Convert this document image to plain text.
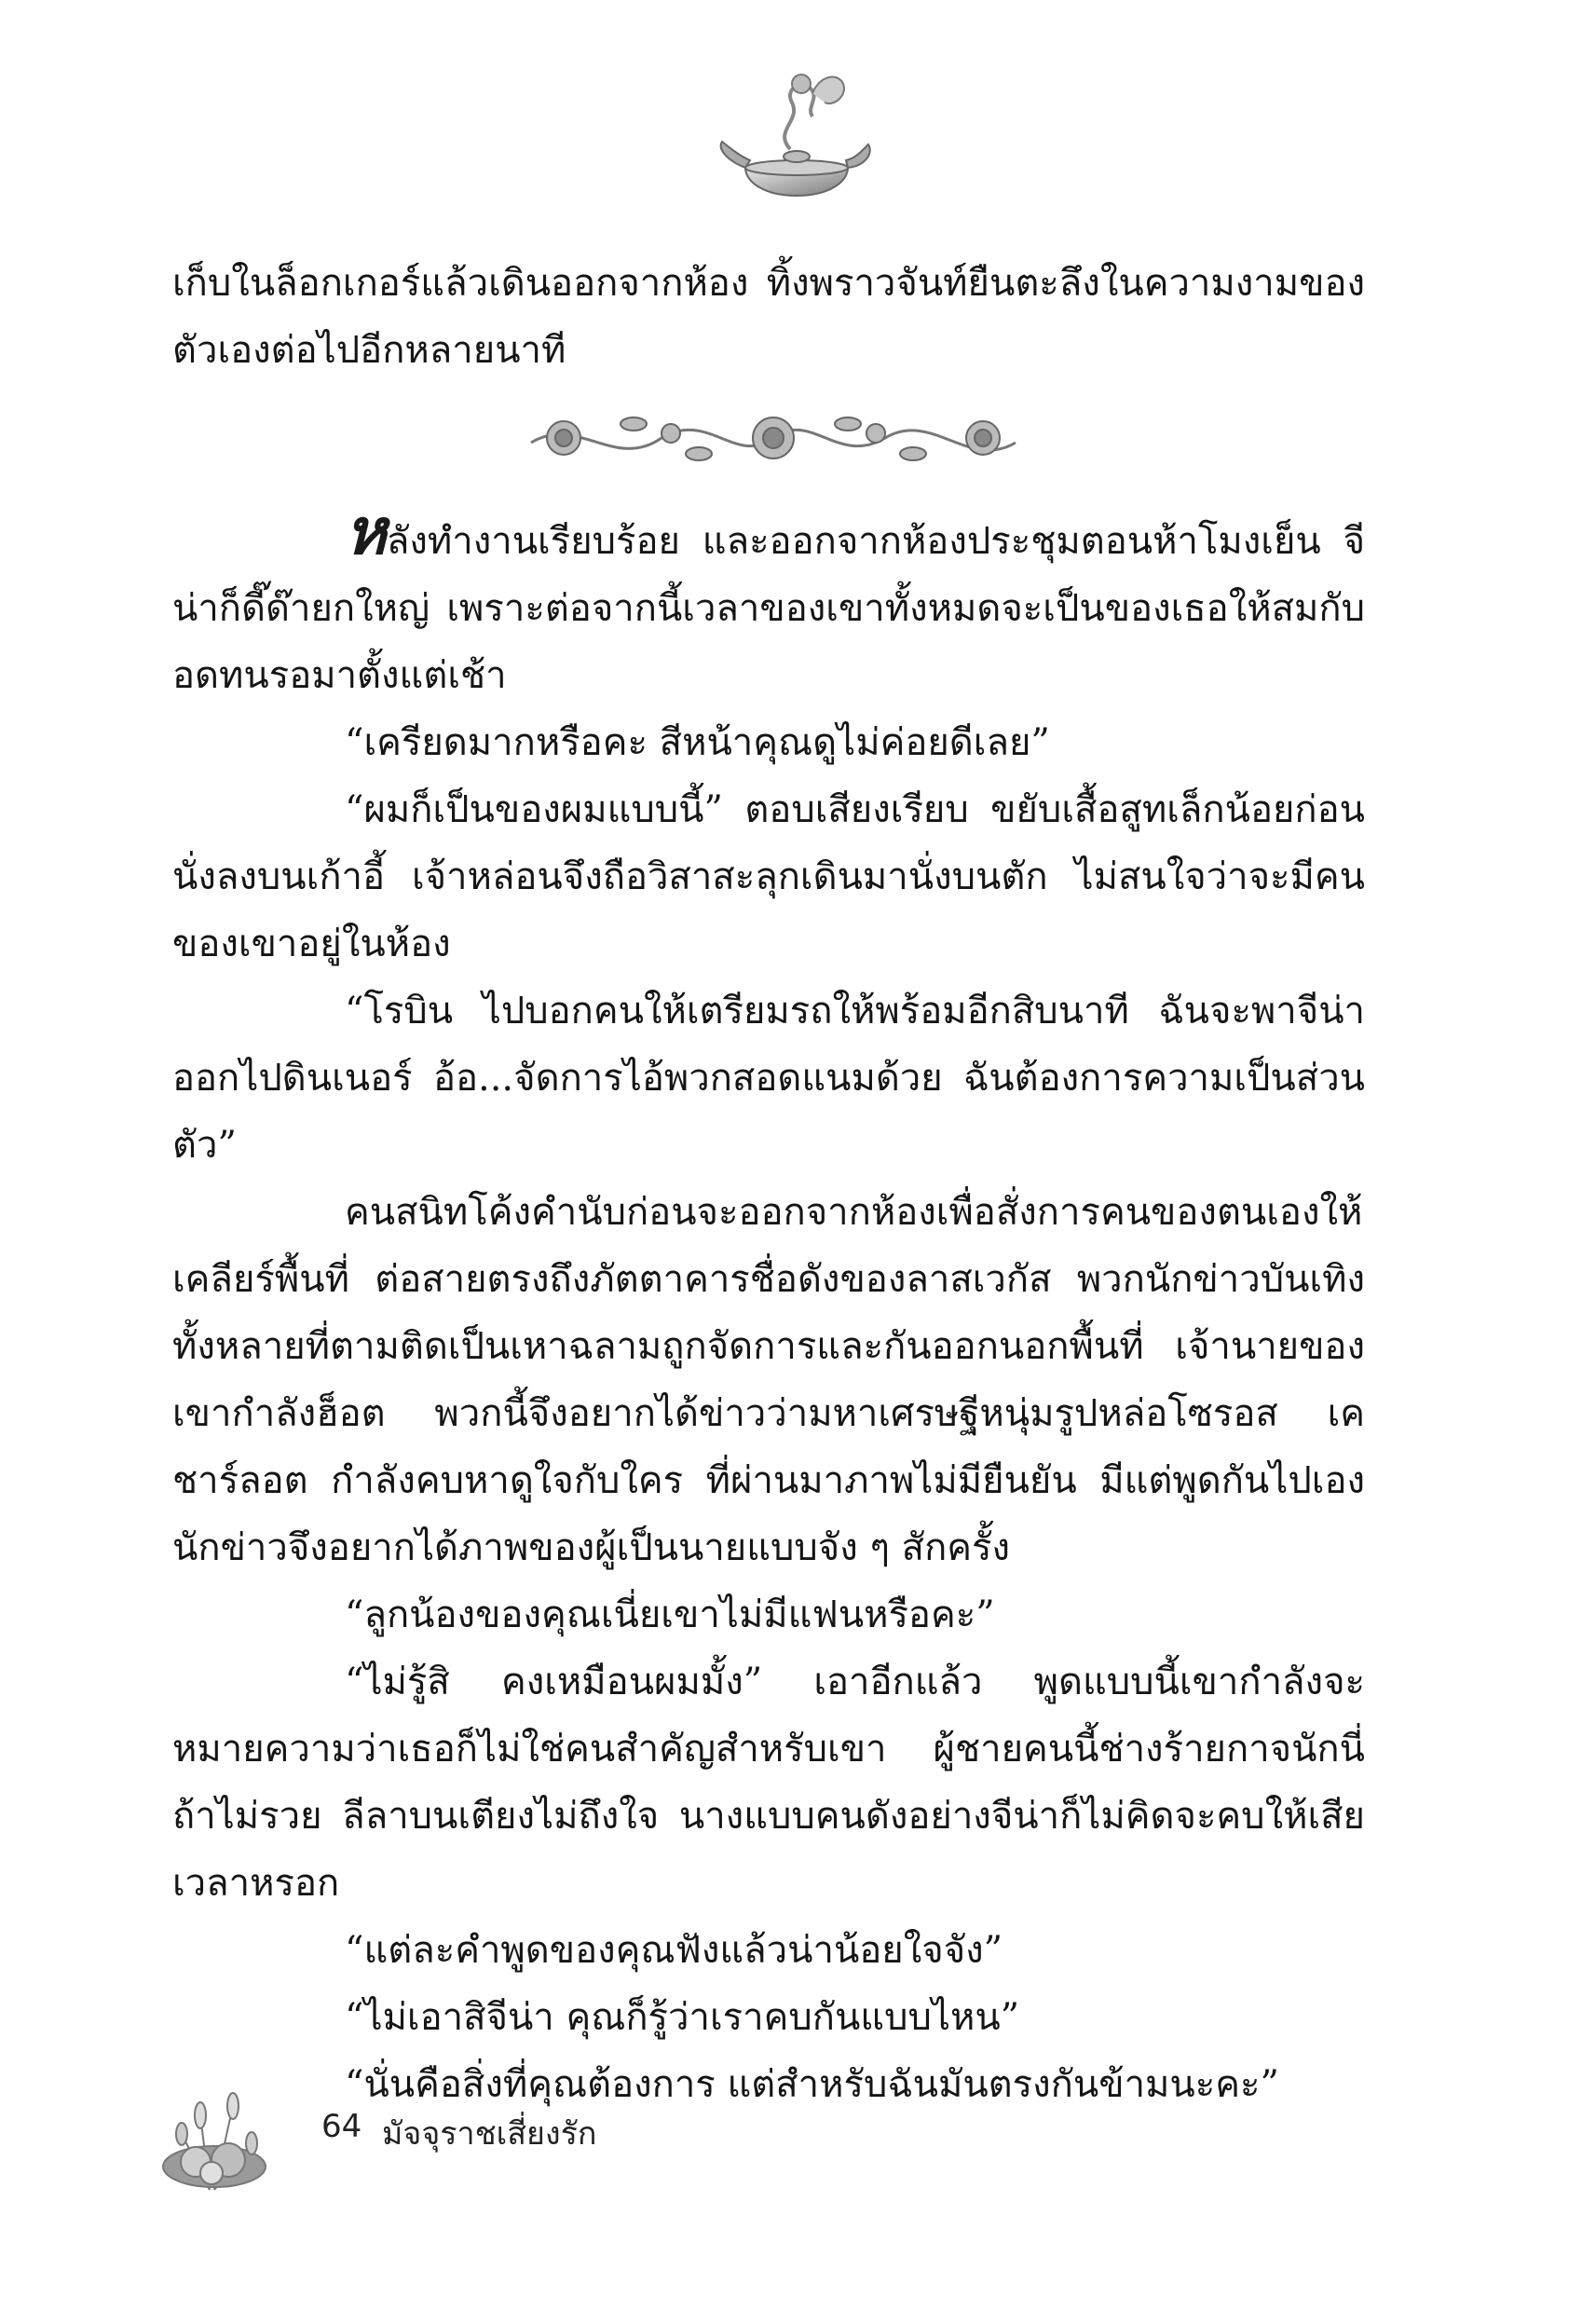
เก็บในล็อกเกอร์แล้วเดินออกจากห้อง ทิ้งพราวจันท์ยืนตะลึงในความงามของตัวเองต่อไปอีกหลายนาที

หลังทำงานเรียบร้อย และออกจากห้องประชุมตอนห้าโมงเย็น จีน่าก็ดี๊ด๊ายกใหญ่ เพราะต่อจากนี้เวลาของเขาทั้งหมดจะเป็นของเธอให้สมกับอดทนรอมาตั้งแต่เช้า

“เครียดมากหรือคะ สีหน้าคุณดูไม่ค่อยดีเลย”

“ผมก็เป็นของผมแบบนี้” ตอบเสียงเรียบ ขยับเสื้อสูทเล็กน้อยก่อนนั่งลงบนเก้าอี้ เจ้าหล่อนจึงถือวิสาสะลุกเดินมานั่งบนตัก ไม่สนใจว่าจะมีคนของเขาอยู่ในห้อง

“โรบิน ไปบอกคนให้เตรียมรถให้พร้อมอีกสิบนาที ฉันจะพาจีน่าออกไปดินเนอร์ อ้อ...จัดการไอ้พวกสอดแนมด้วย ฉันต้องการความเป็นส่วนตัว”

คนสนิทโค้งคำนับก่อนจะออกจากห้องเพื่อสั่งการคนของตนเองให้เคลียร์พื้นที่ ต่อสายตรงถึงภัตตาคารชื่อดังของลาสเวกัส พวกนักข่าวบันเทิงทั้งหลายที่ตามติดเป็นเหาฉลามถูกจัดการและกันออกนอกพื้นที่ เจ้านายของเขากำลังฮ็อต พวกนี้จึงอยากได้ข่าวว่ามหาเศรษฐีหนุ่มรูปหล่อโซรอส เค ชาร์ลอต กำลังคบหาดูใจกับใคร ที่ผ่านมาภาพไม่มียืนยัน มีแต่พูดกันไปเอง นักข่าวจึงอยากได้ภาพของผู้เป็นนายแบบจัง ๆ สักครั้ง

“ลูกน้องของคุณเนี่ยเขาไม่มีแฟนหรือคะ”

“ไม่รู้สิ คงเหมือนผมมั้ง” เอาอีกแล้ว พูดแบบนี้เขากำลังจะหมายความว่าเธอก็ไม่ใช่คนสำคัญสำหรับเขา ผู้ชายคนนี้ช่างร้ายกาจนักนี่ถ้าไม่รวย ลีลาบนเตียงไม่ถึงใจ นางแบบคนดังอย่างจีน่าก็ไม่คิดจะคบให้เสียเวลาหรอก

“แต่ละคำพูดของคุณฟังแล้วน่าน้อยใจจัง”

“ไม่เอาสิจีน่า คุณก็รู้ว่าเราคบกันแบบไหน”

“นั่นคือสิ่งที่คุณต้องการ แต่สำหรับฉันมันตรงกันข้ามนะคะ”

64 มัจจุราชเสี่ยงรัก
